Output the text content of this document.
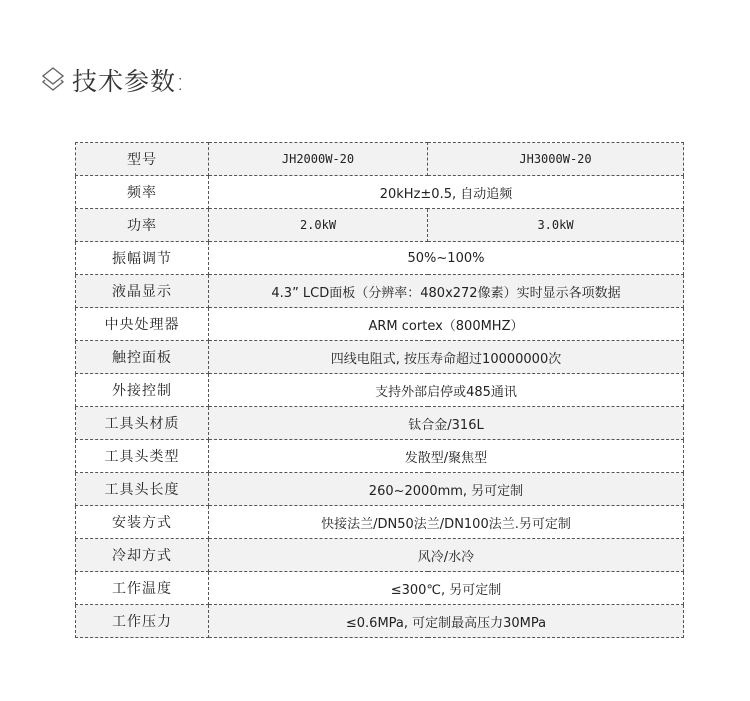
技术参数:
型号	JH2000W-20	JH3000W-20
频率	20kHz±0.5, 自动追频	
功率	2.0kW	3.0kW
振幅调节	50%~100%	
液晶显示	4.3” LCD面板（分辨率：480x272像素）实时显示各项数据	
中央处理器	ARM cortex（800MHZ）	
触控面板	四线电阻式, 按压寿命超过10000000次	
外接控制	支持外部启停或485通讯	
工具头材质	钛合金/316L	
工具头类型	发散型/聚焦型	
工具头长度	260~2000mm, 另可定制	
安装方式	快接法兰/DN50法兰/DN100法兰.另可定制	
冷却方式	风冷/水冷	
工作温度	≤300℃, 另可定制	
工作压力	≤0.6MPa, 可定制最高压力30MPa	
